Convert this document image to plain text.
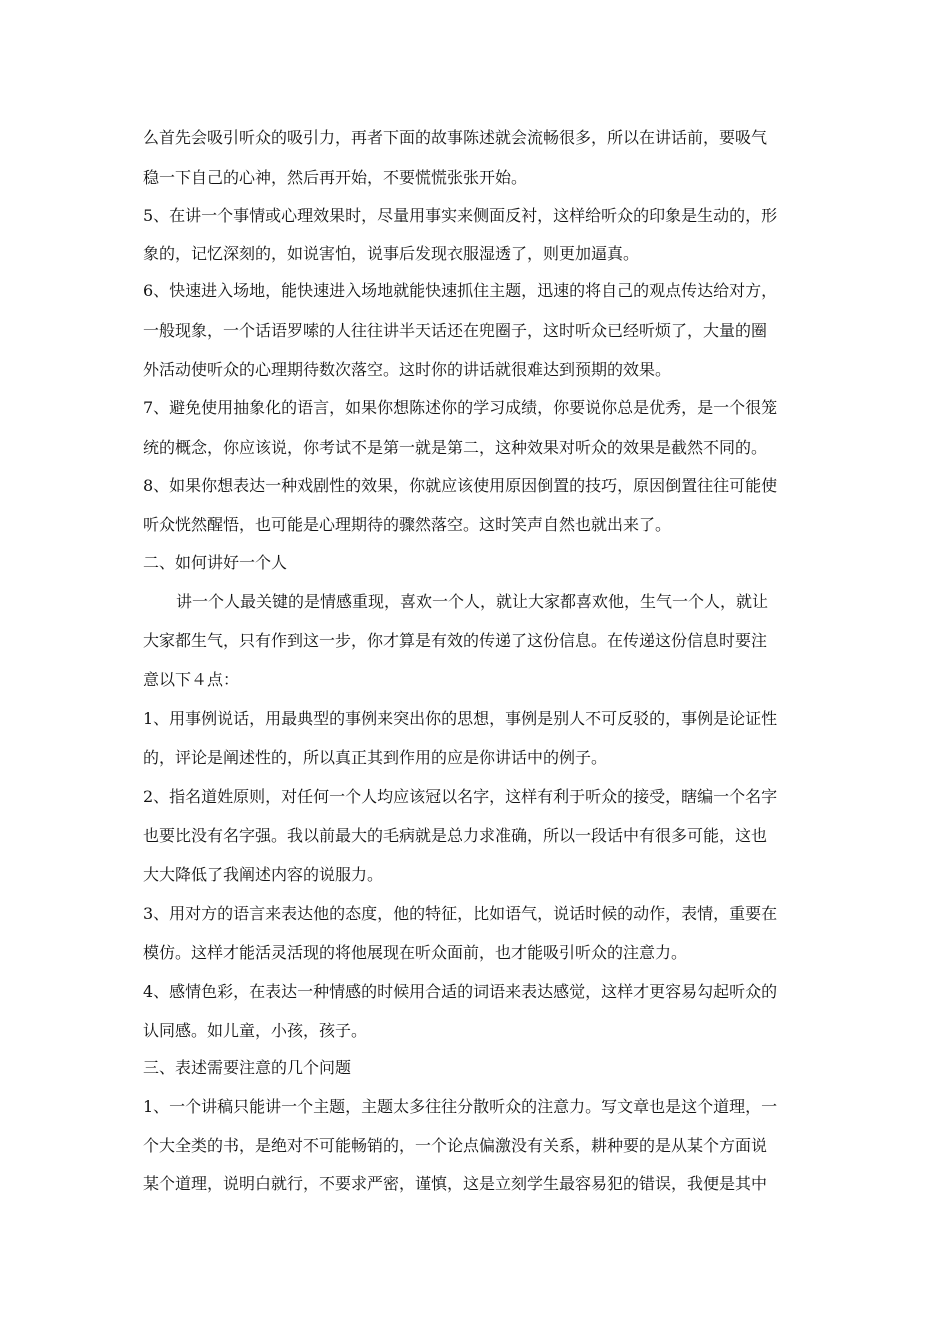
么首先会吸引听众的吸引力，再者下面的故事陈述就会流畅很多，所以在讲话前，要吸气
稳一下自己的心神，然后再开始，不要慌慌张张开始。
5、在讲一个事情或心理效果时，尽量用事实来侧面反衬，这样给听众的印象是生动的，形
象的，记忆深刻的，如说害怕，说事后发现衣服湿透了，则更加逼真。
6、快速进入场地，能快速进入场地就能快速抓住主题，迅速的将自己的观点传达给对方，
一般现象，一个话语罗嗦的人往往讲半天话还在兜圈子，这时听众已经听烦了，大量的圈
外活动使听众的心理期待数次落空。这时你的讲话就很难达到预期的效果。
7、避免使用抽象化的语言，如果你想陈述你的学习成绩，你要说你总是优秀，是一个很笼
统的概念，你应该说，你考试不是第一就是第二，这种效果对听众的效果是截然不同的。
8、如果你想表达一种戏剧性的效果，你就应该使用原因倒置的技巧，原因倒置往往可能使
听众恍然醒悟，也可能是心理期待的骤然落空。这时笑声自然也就出来了。
二、如何讲好一个人
讲一个人最关键的是情感重现，喜欢一个人，就让大家都喜欢他，生气一个人，就让
大家都生气，只有作到这一步，你才算是有效的传递了这份信息。在传递这份信息时要注
意以下４点：
1、用事例说话，用最典型的事例来突出你的思想，事例是别人不可反驳的，事例是论证性
的，评论是阐述性的，所以真正其到作用的应是你讲话中的例子。
2、指名道姓原则，对任何一个人均应该冠以名字，这样有利于听众的接受，瞎编一个名字
也要比没有名字强。我以前最大的毛病就是总力求准确，所以一段话中有很多可能，这也
大大降低了我阐述内容的说服力。
3、用对方的语言来表达他的态度，他的特征，比如语气，说话时候的动作，表情，重要在
模仿。这样才能活灵活现的将他展现在听众面前，也才能吸引听众的注意力。
4、感情色彩，在表达一种情感的时候用合适的词语来表达感觉，这样才更容易勾起听众的
认同感。如儿童，小孩，孩子。
三、表述需要注意的几个问题
1、一个讲稿只能讲一个主题，主题太多往往分散听众的注意力。写文章也是这个道理，一
个大全类的书，是绝对不可能畅销的，一个论点偏激没有关系，耕种要的是从某个方面说
某个道理，说明白就行，不要求严密，谨慎，这是立刻学生最容易犯的错误，我便是其中
